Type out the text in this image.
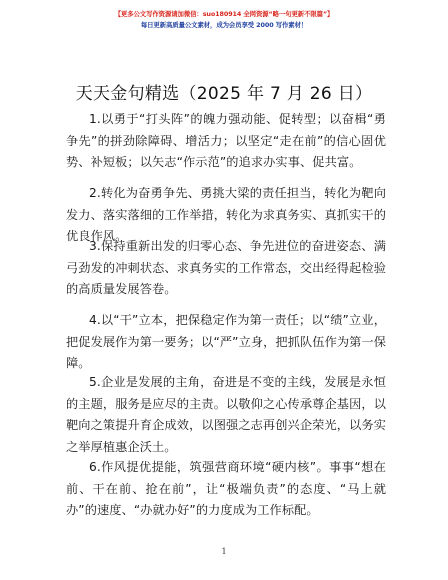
【更多公文写作资源请加微信：suo180914 全网资源“略一句更新不限篇”】
每日更新高质量公文素材，成为会员享受 2000 写作素材！
天天金句精选（2025 年 7 月 26 日）
1.以勇于“打头阵”的魄力强动能、促转型；以奋楫“勇争先”的拼劲除障碍、增活力；以坚定“走在前”的信心固优势、补短板；以矢志“作示范”的追求办实事、促共富。
2.转化为奋勇争先、勇挑大梁的责任担当，转化为靶向发力、落实落细的工作举措，转化为求真务实、真抓实干的优良作风。
3.保持重新出发的归零心态、争先进位的奋进姿态、满弓劲发的冲刺状态、求真务实的工作常态，交出经得起检验的高质量发展答卷。
4.以“干”立本，把保稳定作为第一责任；以“绩”立业，把促发展作为第一要务；以“严”立身，把抓队伍作为第一保障。
5.企业是发展的主角，奋进是不变的主线，发展是永恒的主题，服务是应尽的主责。以敬仰之心传承尊企基因，以靶向之策提升育企成效，以图强之志再创兴企荣光，以务实之举厚植惠企沃土。
6.作风提优提能，筑强营商环境“硬内核”。事事“想在前、干在前、抢在前”，让“极端负责”的态度、“马上就办”的速度、“办就办好”的力度成为工作标配。
1
